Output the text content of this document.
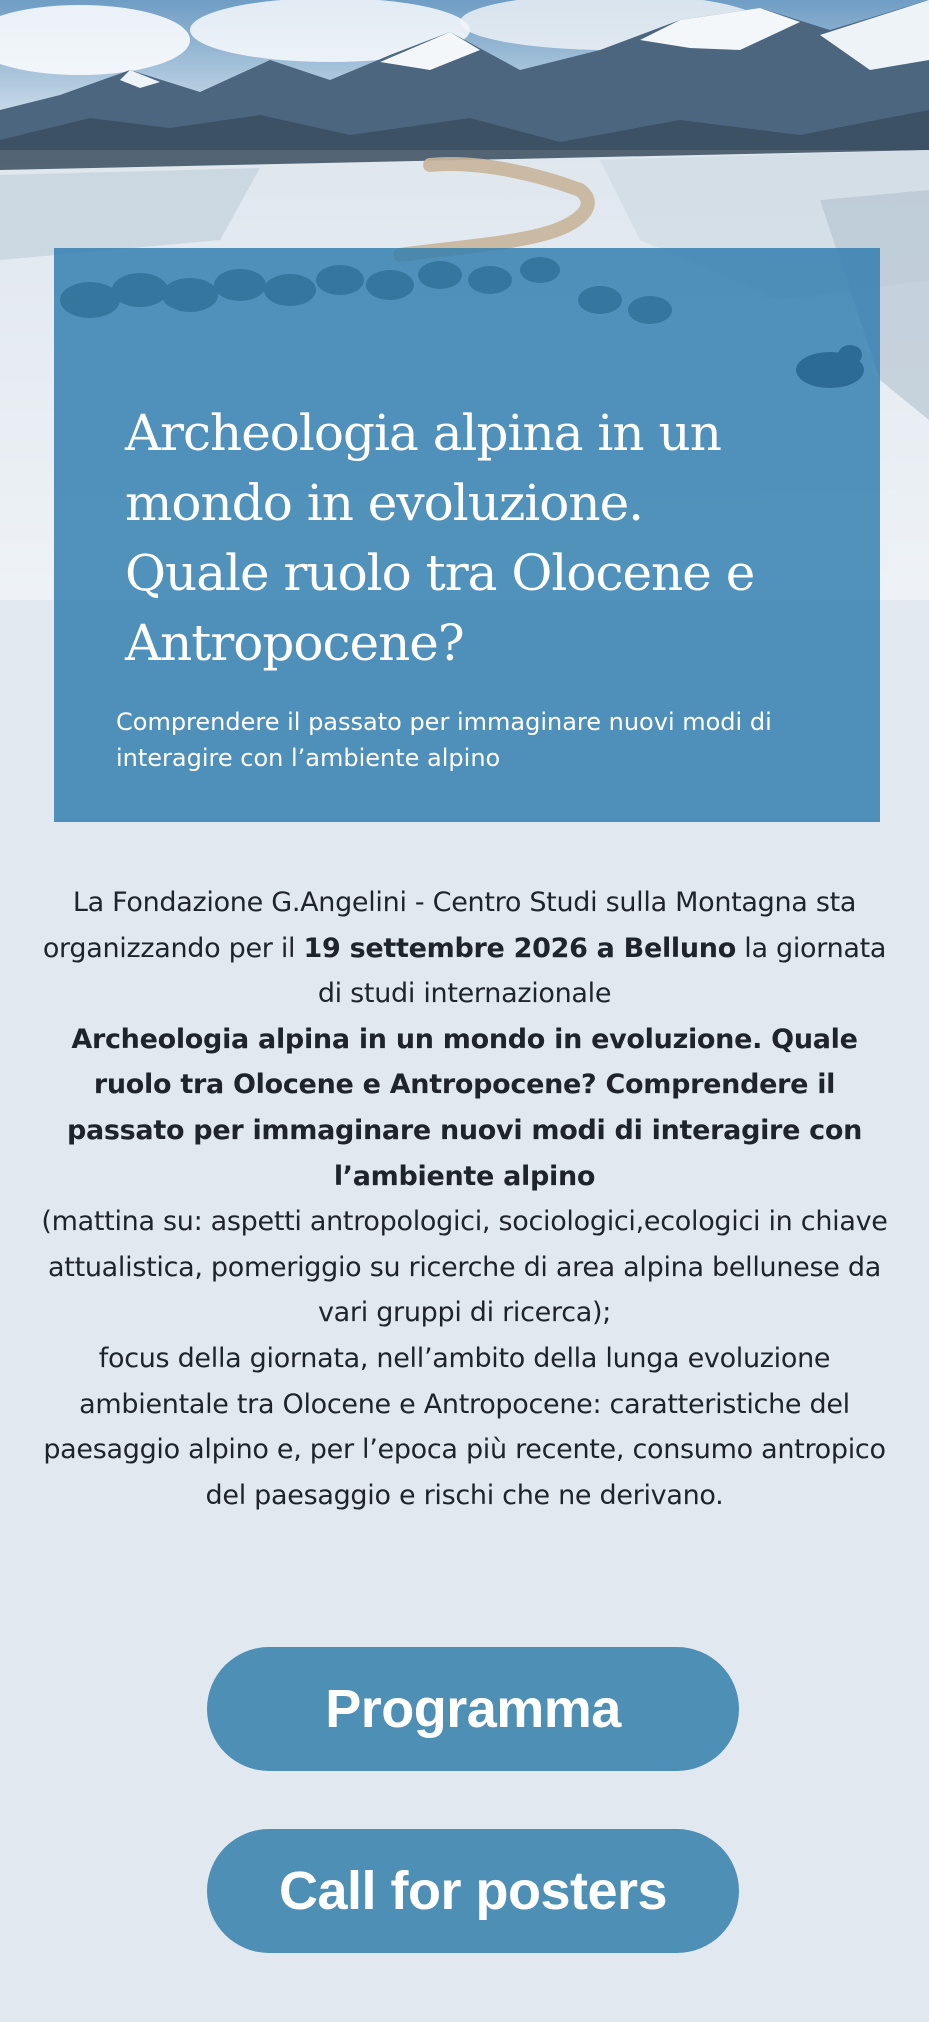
Archeologia alpina in un mondo in evoluzione. Quale ruolo tra Olocene e Antropocene?

Comprendere il passato per immaginare nuovi modi di interagire con l’ambiente alpino

La Fondazione G.Angelini - Centro Studi sulla Montagna sta organizzando per il 19 settembre 2026 a Belluno la giornata di studi internazionale

Archeologia alpina in un mondo in evoluzione. Quale ruolo tra Olocene e Antropocene? Comprendere il passato per immaginare nuovi modi di interagire con l’ambiente alpino

(mattina su: aspetti antropologici, sociologici,ecologici in chiave attualistica, pomeriggio su ricerche di area alpina bellunese da vari gruppi di ricerca);

focus della giornata, nell’ambito della lunga evoluzione ambientale tra Olocene e Antropocene: caratteristiche del paesaggio alpino e, per l’epoca più recente, consumo antropico del paesaggio e rischi che ne derivano.

Programma
Call for posters
